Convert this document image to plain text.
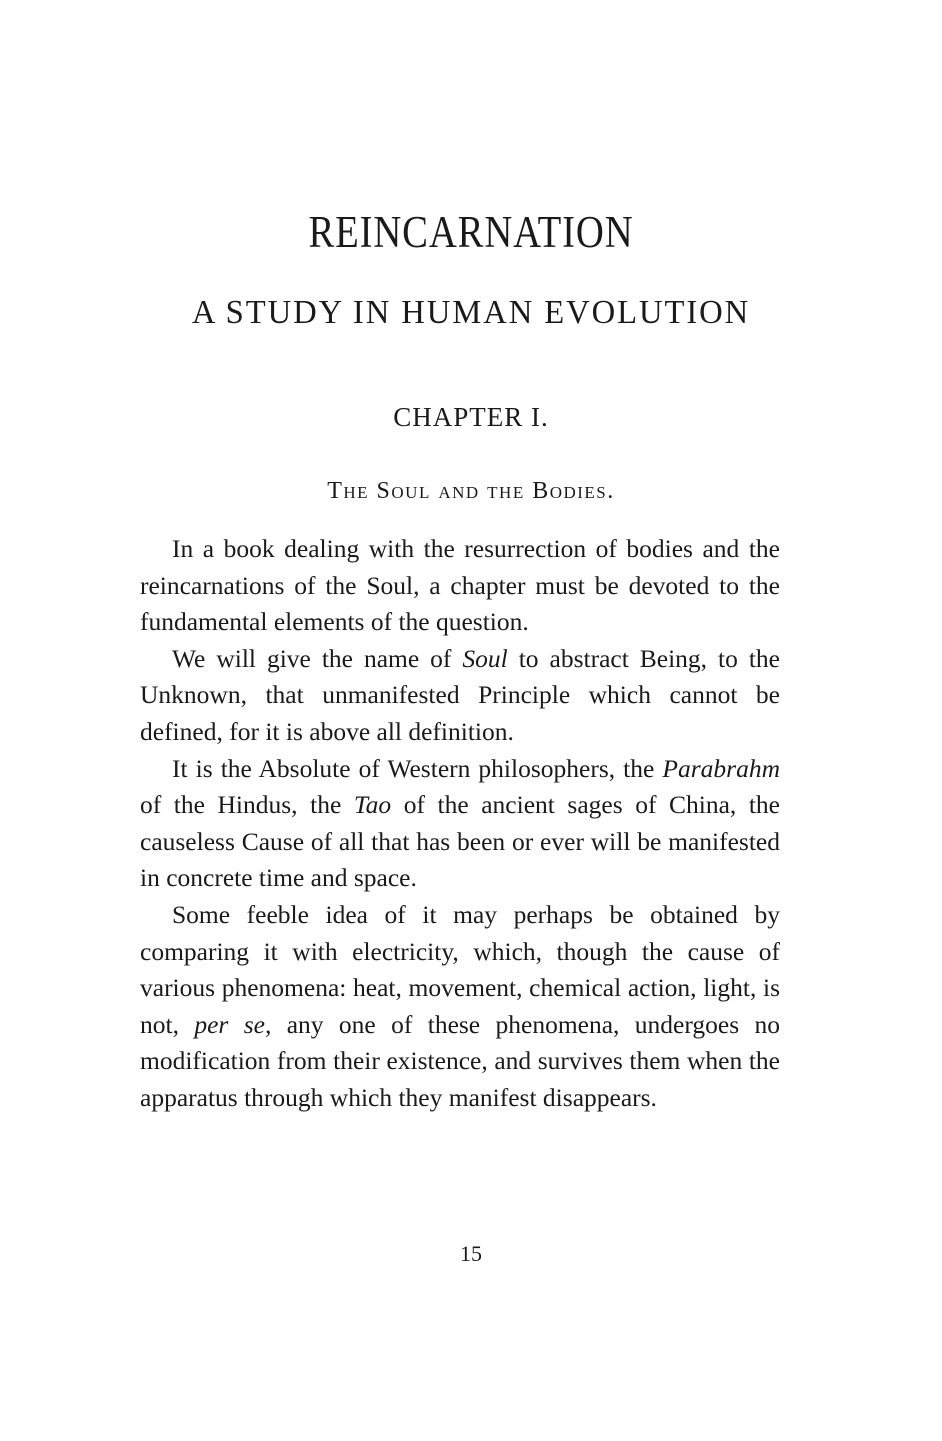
REINCARNATION
A STUDY IN HUMAN EVOLUTION
CHAPTER I.
The Soul and the Bodies.

In a book dealing with the resurrection of bodies and the reincarnations of the Soul, a chapter must be devoted to the fundamental elements of the question.

We will give the name of Soul to abstract Being, to the Unknown, that unmanifested Principle which cannot be defined, for it is above all definition.

It is the Absolute of Western philosophers, the Parabrahm of the Hindus, the Tao of the ancient sages of China, the causeless Cause of all that has been or ever will be manifested in concrete time and space.

Some feeble idea of it may perhaps be obtained by comparing it with electricity, which, though the cause of various phenomena: heat, movement, chemical action, light, is not, per se, any one of these phenomena, undergoes no modification from their existence, and survives them when the apparatus through which they manifest disappears.

15
